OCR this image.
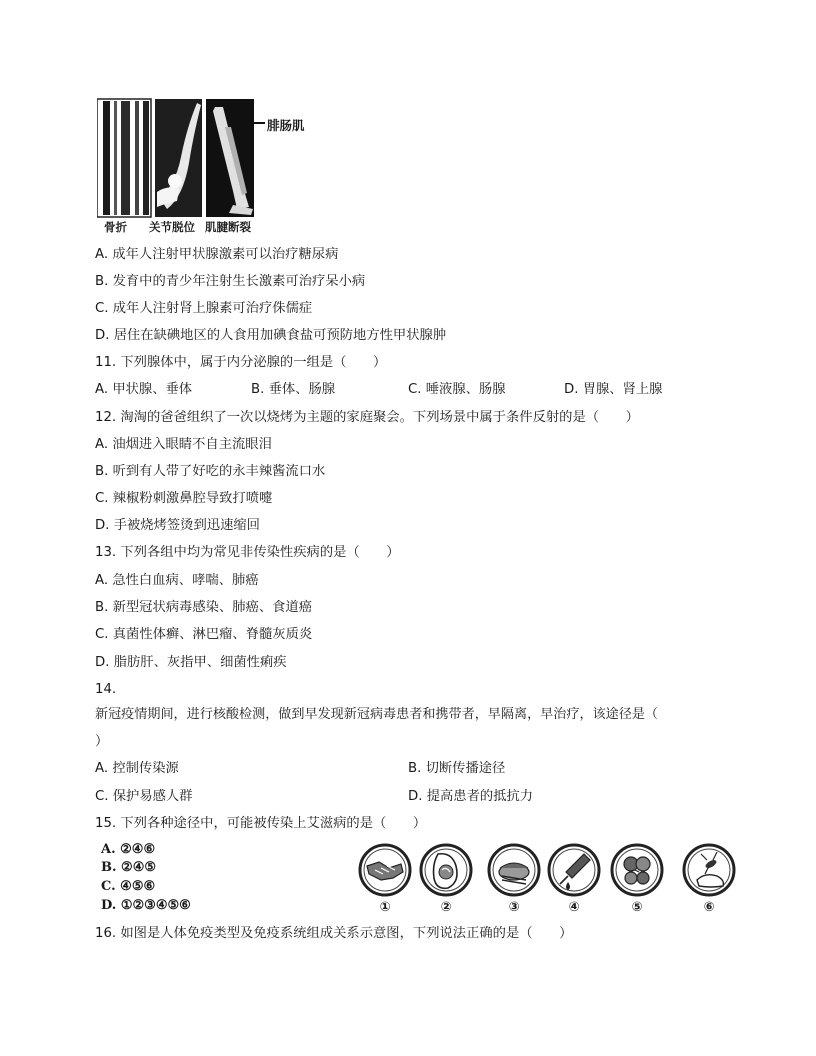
腓肠肌
骨折 关节脱位 肌腱断裂
A. 成年人注射甲状腺激素可以治疗糖尿病
B. 发育中的青少年注射生长激素可治疗呆小病
C. 成年人注射肾上腺素可治疗侏儒症
D. 居住在缺碘地区的人食用加碘食盐可预防地方性甲状腺肿
11. 下列腺体中，属于内分泌腺的一组是（　　）
A. 甲状腺、垂体	B. 垂体、肠腺	C. 唾液腺、肠腺	D. 胃腺、肾上腺
12. 淘淘的爸爸组织了一次以烧烤为主题的家庭聚会。下列场景中属于条件反射的是（　　）
A. 油烟进入眼睛不自主流眼泪
B. 听到有人带了好吃的永丰辣酱流口水
C. 辣椒粉刺激鼻腔导致打喷嚏
D. 手被烧烤签烫到迅速缩回
13. 下列各组中均为常见非传染性疾病的是（　　）
A. 急性白血病、哮喘、肺癌
B. 新型冠状病毒感染、肺癌、食道癌
C. 真菌性体癣、淋巴瘤、脊髓灰质炎
D. 脂肪肝、灰指甲、细菌性痢疾
14.
新冠疫情期间，进行核酸检测，做到早发现新冠病毒患者和携带者，早隔离，早治疗，该途径是（
）
A. 控制传染源	B. 切断传播途径
C. 保护易感人群	D. 提高患者的抵抗力
15. 下列各种途径中，可能被传染上艾滋病的是（　　）
A. ②④⑥
B. ②④⑤
C. ④⑤⑥
D. ①②③④⑤⑥	①	②	③	④	⑤	⑥
16. 如图是人体免疫类型及免疫系统组成关系示意图，下列说法正确的是（　　）
